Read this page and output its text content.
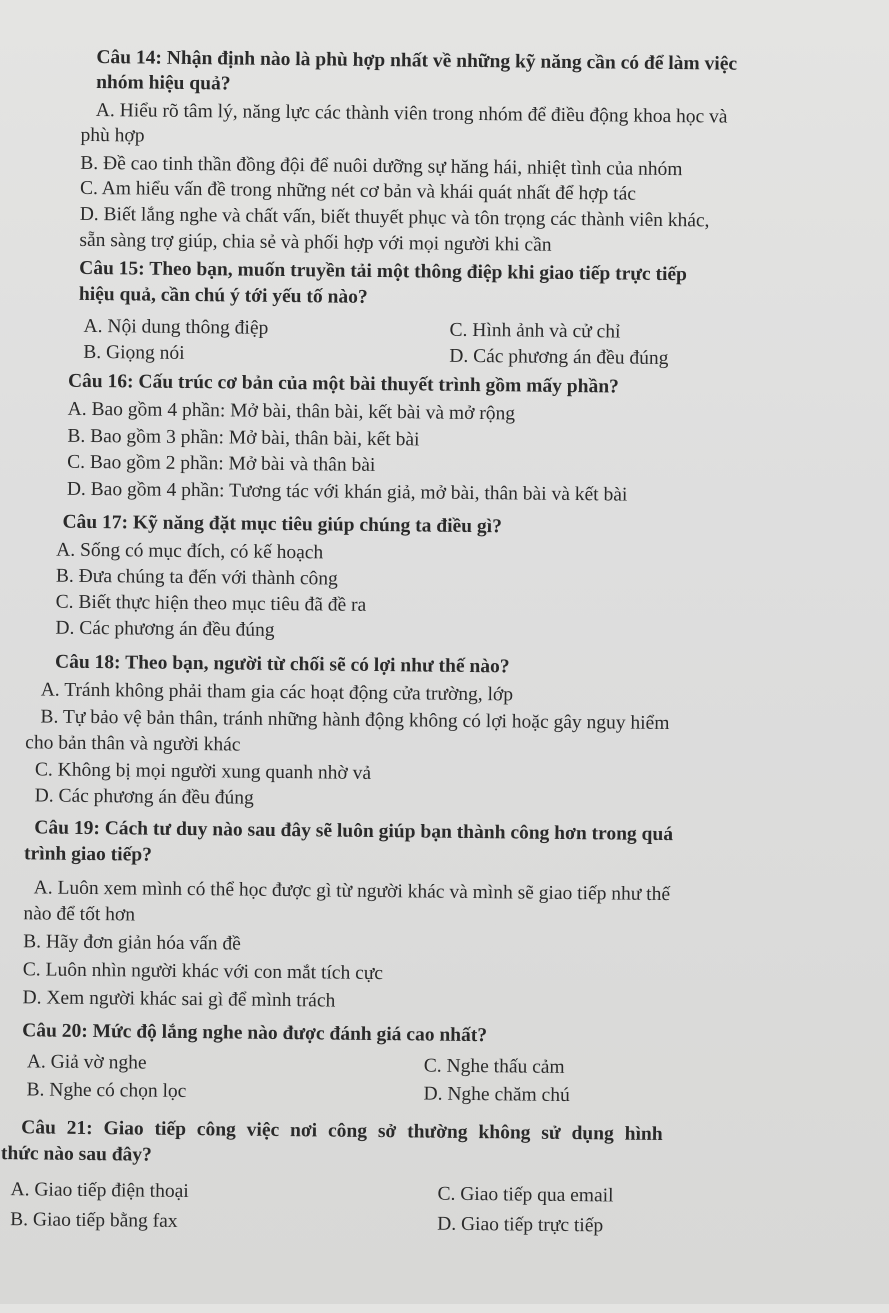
Câu 14: Nhận định nào là phù hợp nhất về những kỹ năng cần có để làm việc
nhóm hiệu quả?
A. Hiểu rõ tâm lý, năng lực các thành viên trong nhóm để điều động khoa học và
phù hợp
B. Đề cao tinh thần đồng đội để nuôi dưỡng sự hăng hái, nhiệt tình của nhóm
C. Am hiểu vấn đề trong những nét cơ bản và khái quát nhất để hợp tác
D. Biết lắng nghe và chất vấn, biết thuyết phục và tôn trọng các thành viên khác,
sẵn sàng trợ giúp, chia sẻ và phối hợp với mọi người khi cần
Câu 15: Theo bạn, muốn truyền tải một thông điệp khi giao tiếp trực tiếp
hiệu quả, cần chú ý tới yếu tố nào?
A. Nội dung thông điệp	C. Hình ảnh và cử chỉ
B. Giọng nói	D. Các phương án đều đúng
Câu 16: Cấu trúc cơ bản của một bài thuyết trình gồm mấy phần?
A. Bao gồm 4 phần: Mở bài, thân bài, kết bài và mở rộng
B. Bao gồm 3 phần: Mở bài, thân bài, kết bài
C. Bao gồm 2 phần: Mở bài và thân bài
D. Bao gồm 4 phần: Tương tác với khán giả, mở bài, thân bài và kết bài
Câu 17: Kỹ năng đặt mục tiêu giúp chúng ta điều gì?
A. Sống có mục đích, có kế hoạch
B. Đưa chúng ta đến với thành công
C. Biết thực hiện theo mục tiêu đã đề ra
D. Các phương án đều đúng
Câu 18: Theo bạn, người từ chối sẽ có lợi như thế nào?
A. Tránh không phải tham gia các hoạt động cửa trường, lớp
B. Tự bảo vệ bản thân, tránh những hành động không có lợi hoặc gây nguy hiểm
cho bản thân và người khác
C. Không bị mọi người xung quanh nhờ vả
D. Các phương án đều đúng
Câu 19: Cách tư duy nào sau đây sẽ luôn giúp bạn thành công hơn trong quá
trình giao tiếp?
A. Luôn xem mình có thể học được gì từ người khác và mình sẽ giao tiếp như thế
nào để tốt hơn
B. Hãy đơn giản hóa vấn đề
C. Luôn nhìn người khác với con mắt tích cực
D. Xem người khác sai gì để mình trách
Câu 20: Mức độ lắng nghe nào được đánh giá cao nhất?
A. Giả vờ nghe	C. Nghe thấu cảm
B. Nghe có chọn lọc	D. Nghe chăm chú
Câu 21: Giao tiếp công việc nơi công sở thường không sử dụng hình
thức nào sau đây?
A. Giao tiếp điện thoại	C. Giao tiếp qua email
B. Giao tiếp bằng fax	D. Giao tiếp trực tiếp
